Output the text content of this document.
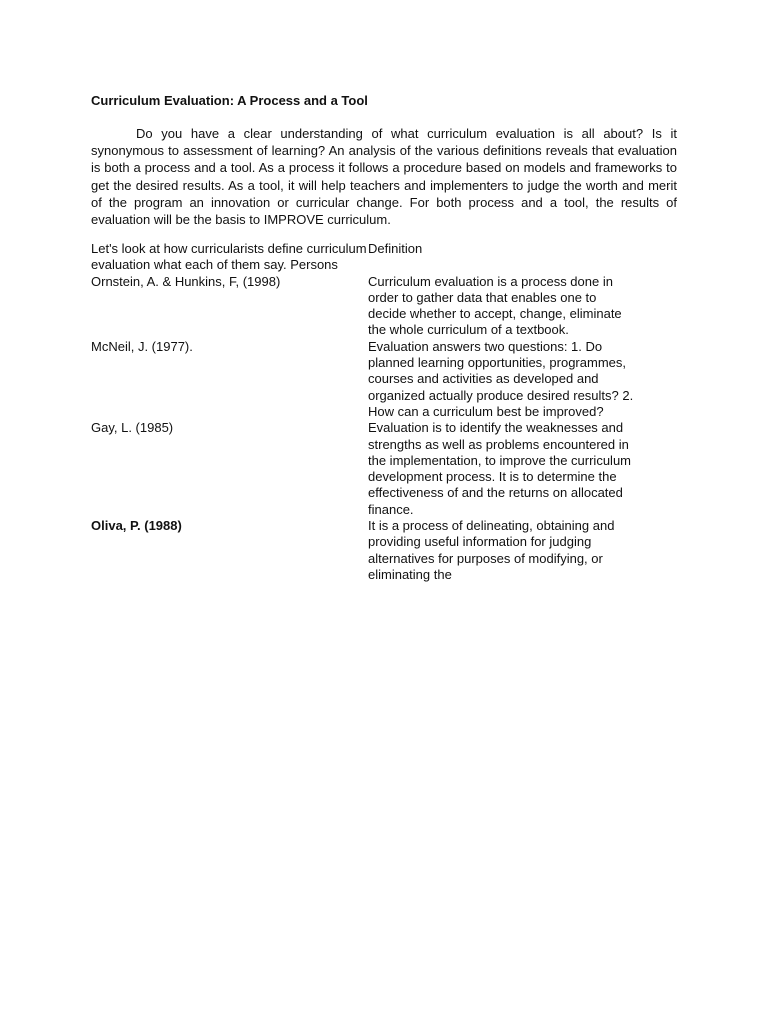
Curriculum Evaluation: A Process and a Tool

Do you have a clear understanding of what curriculum evaluation is all about? Is it synonymous to assessment of learning? An analysis of the various definitions reveals that evaluation is both a process and a tool. As a process it follows a procedure based on models and frameworks to get the desired results. As a tool, it will help teachers and implementers to judge the worth and merit of the program an innovation or curricular change. For both process and a tool, the results of evaluation will be the basis to IMPROVE curriculum.

Let's look at how curricularists define curriculum evaluation what each of them say. Persons
Definition
Ornstein, A. & Hunkins, F, (1998)	Curriculum evaluation is a process done in order to gather data that enables one to decide whether to accept, change, eliminate the whole curriculum of a textbook.
McNeil, J. (1977).	Evaluation answers two questions: 1. Do planned learning opportunities, programmes, courses and activities as developed and organized actually produce desired results? 2. How can a curriculum best be improved?
Gay, L. (1985)	Evaluation is to identify the weaknesses and strengths as well as problems encountered in the implementation, to improve the curriculum development process. It is to determine the effectiveness of and the returns on allocated finance.
Oliva, P. (1988)	It is a process of delineating, obtaining and providing useful information for judging alternatives for purposes of modifying, or eliminating the
